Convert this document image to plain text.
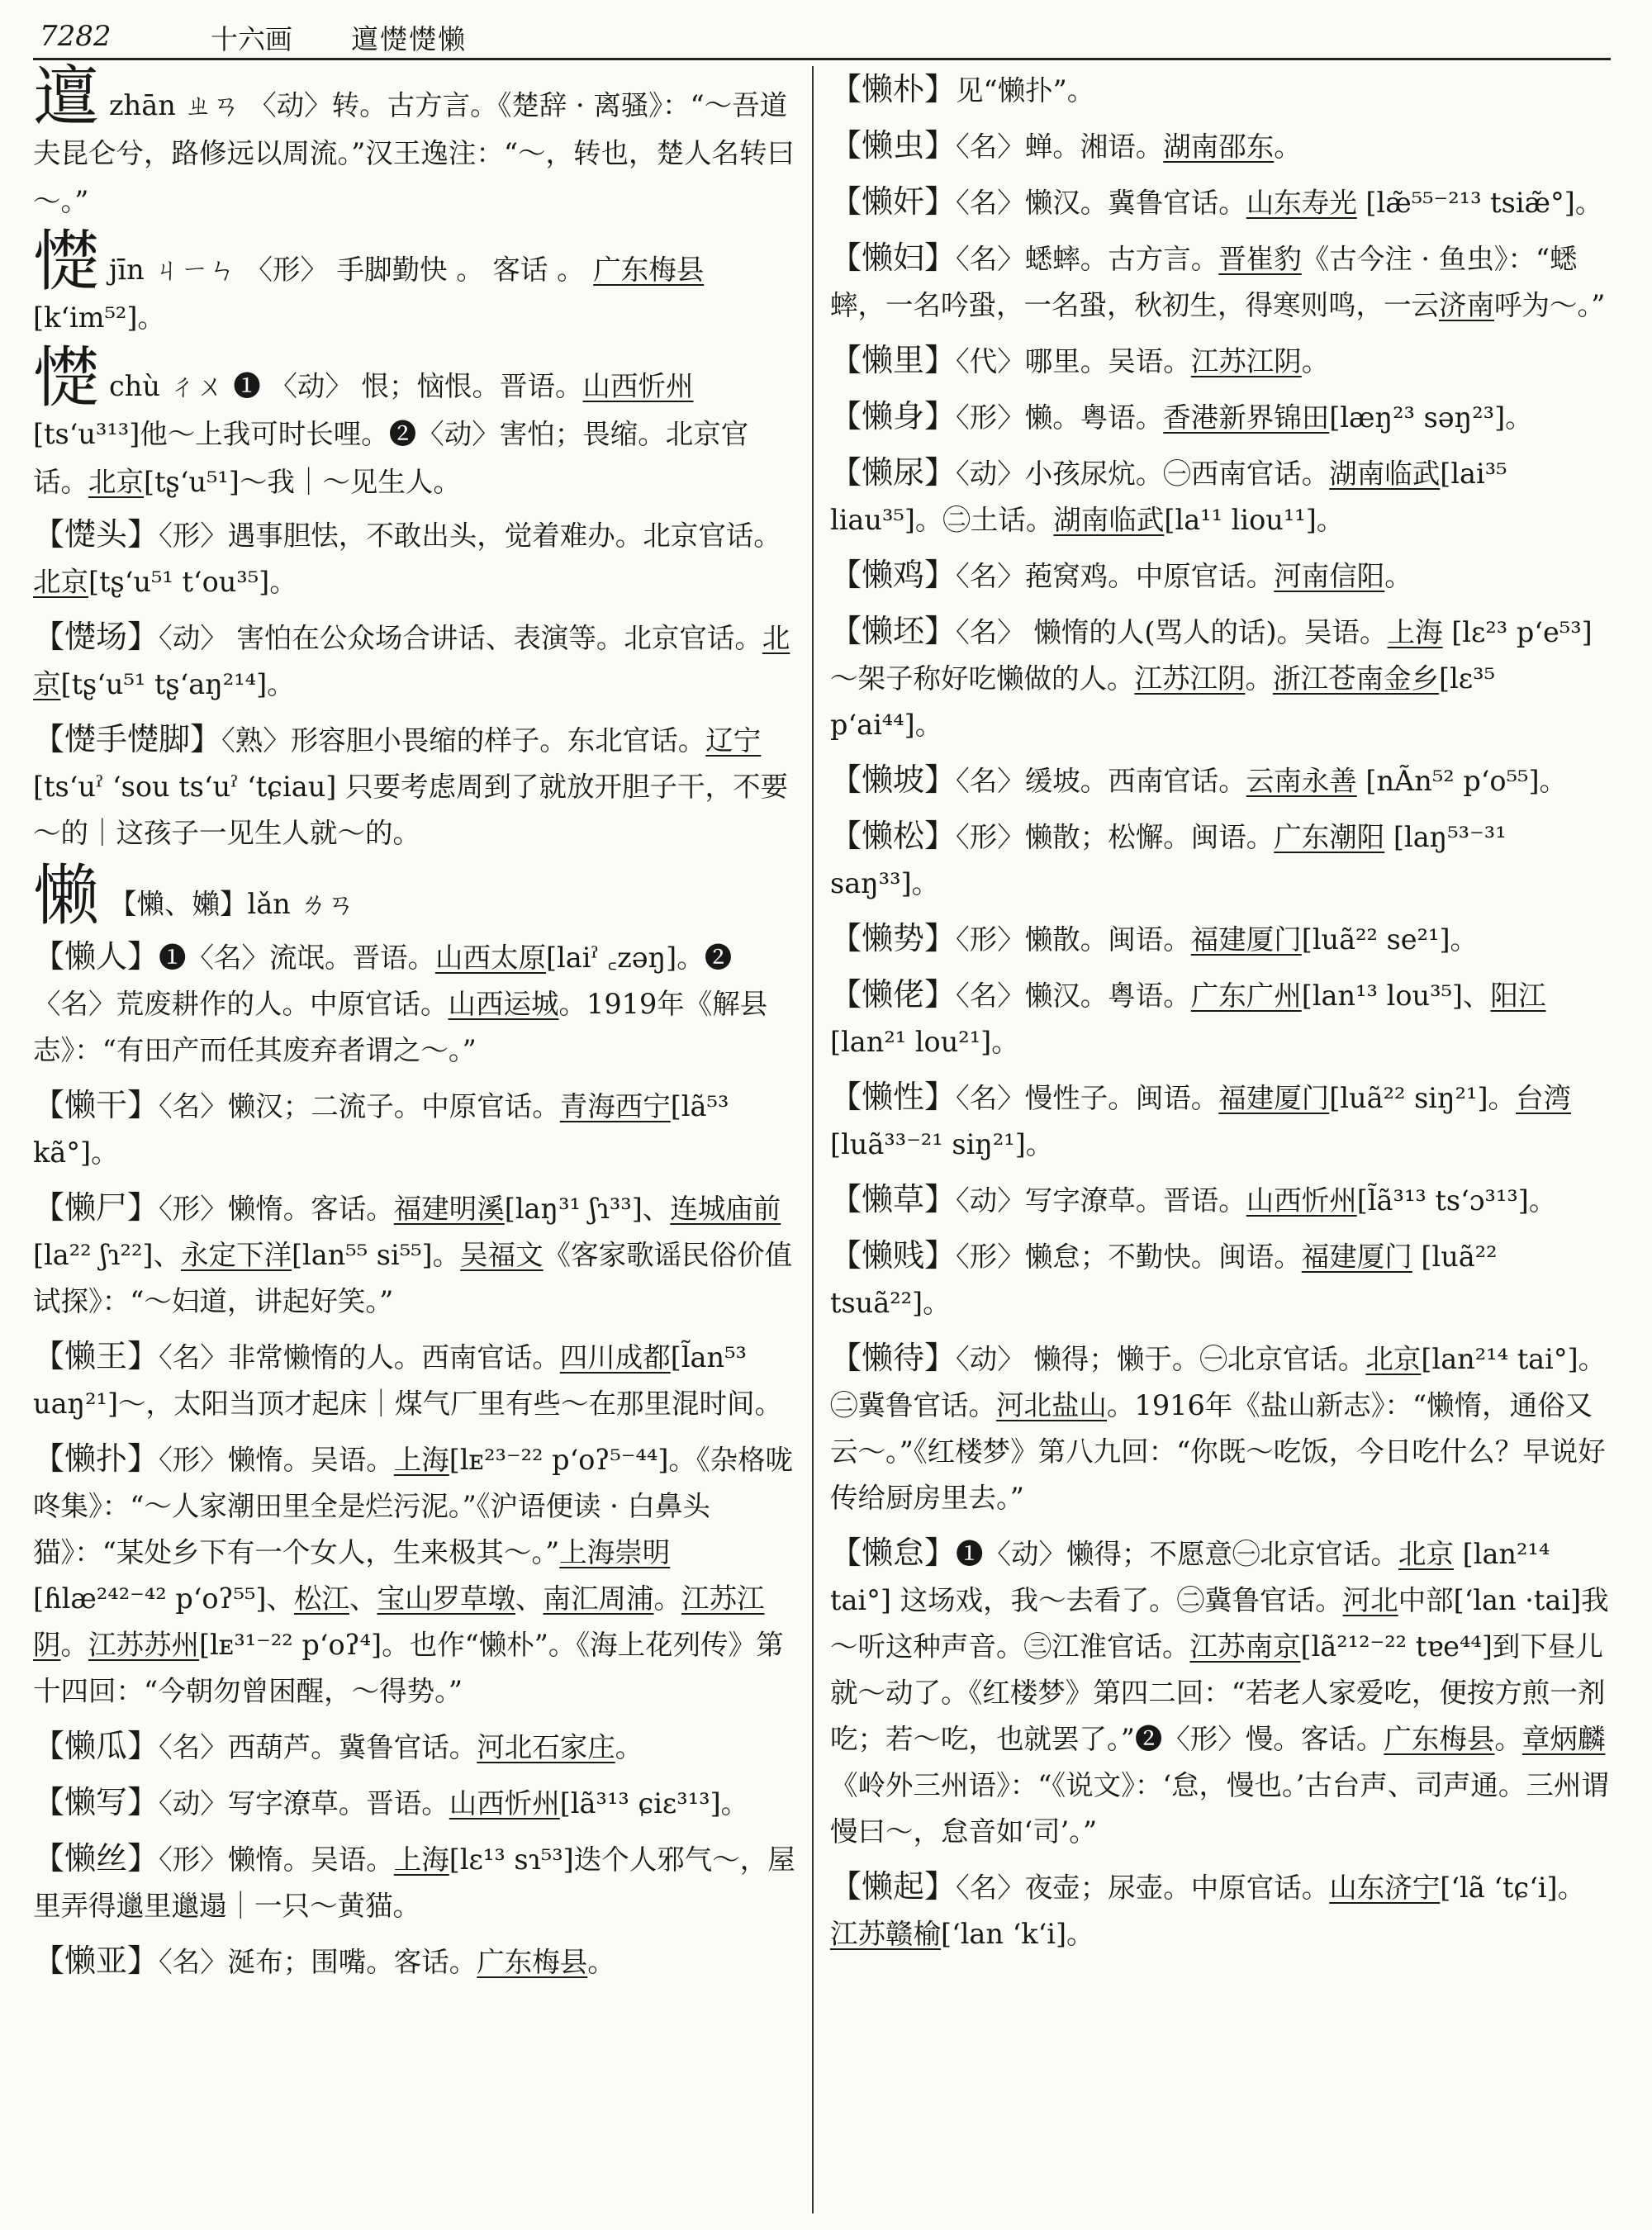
7282	十六画 邅憷憷懒
邅zhān ㄓㄢ 〈动〉转。古方言。《楚辞 · 离骚》：“～吾道夫昆仑兮，路修远以周流。”汉王逸注：“～，转也，楚人名转曰～。”
憷jīn ㄐㄧㄣ 〈形〉 手脚勤快 。 客话 。 广东梅县 [kʻim⁵²]。
憷chù ㄔㄨ ❶ 〈动〉 恨；恼恨。晋语。山西忻州[tsʻu³¹³]他～上我可时长哩。❷〈动〉害怕；畏缩。北京官话。北京[tʂʻu⁵¹]～我｜～见生人。
【憷头】〈形〉遇事胆怯，不敢出头，觉着难办。北京官话。北京[tʂʻu⁵¹ tʻou³⁵]。
【憷场】〈动〉 害怕在公众场合讲话、表演等。北京官话。北京[tʂʻu⁵¹ tʂʻaŋ²¹⁴]。
【憷手憷脚】〈熟〉形容胆小畏缩的样子。东北官话。辽宁 [tsʻuˀ ʻsou tsʻuˀ ʻtɕiau] 只要考虑周到了就放开胆子干，不要～的｜这孩子一见生人就～的。
懒 【懶、嬾】lǎn ㄌㄢ
【懒人】❶〈名〉流氓。晋语。山西太原[laiˀ ꜀zəŋ]。❷〈名〉荒废耕作的人。中原官话。山西运城。1919年《解县志》：“有田产而任其废弃者谓之～。”
【懒干】〈名〉懒汉；二流子。中原官话。青海西宁[lã⁵³ kã°]。
【懒尸】〈形〉懒惰。客话。福建明溪[laŋ³¹ ʃɿ³³]、连城庙前[la²² ʃɿ²²]、永定下洋[lan⁵⁵ si⁵⁵]。吴福文《客家歌谣民俗价值试探》：“～妇道，讲起好笑。”
【懒王】〈名〉非常懒惰的人。西南官话。四川成都[l̃an⁵³ uaŋ²¹]～，太阳当顶才起床｜煤气厂里有些～在那里混时间。
【懒扑】〈形〉懒惰。吴语。上海[lᴇ²³⁻²² pʻoʔ⁵⁻⁴⁴]。《杂格咙咚集》：“～人家潮田里全是烂污泥。”《沪语便读 · 白鼻头猫》：“某处乡下有一个女人，生来极其～。”上海崇明[ɦlæ²⁴²⁻⁴² pʻoʔ⁵⁵]、松江、宝山罗草墩、南汇周浦。江苏江阴。江苏苏州[lᴇ³¹⁻²² pʻoʔ⁴]。也作“懒朴”。《海上花列传》第十四回：“今朝勿曾困醒，～得势。”
【懒瓜】〈名〉西葫芦。冀鲁官话。河北石家庄。
【懒写】〈动〉写字潦草。晋语。山西忻州[lã³¹³ ɕiɛ³¹³]。
【懒丝】〈形〉懒惰。吴语。上海[lɛ¹³ sɿ⁵³]迭个人邪气～，屋里弄得邋里邋遢｜一只～黄猫。
【懒亚】〈名〉涎布；围嘴。客话。广东梅县。
【懒朴】见“懒扑”。
【懒虫】〈名〉蝉。湘语。湖南邵东。
【懒奸】〈名〉懒汉。冀鲁官话。山东寿光 [læ̃⁵⁵⁻²¹³ tsiæ̃°]。
【懒妇】〈名〉蟋蟀。古方言。晋崔豹《古今注 · 鱼虫》：“蟋蟀，一名吟蛩，一名蛩，秋初生，得寒则鸣，一云济南呼为～。”
【懒里】〈代〉哪里。吴语。江苏江阴。
【懒身】〈形〉懒。粤语。香港新界锦田[læŋ²³ səŋ²³]。
【懒尿】〈动〉小孩尿炕。㊀西南官话。湖南临武[lai³⁵ liau³⁵]。㊁土话。湖南临武[la¹¹ liou¹¹]。
【懒鸡】〈名〉菢窝鸡。中原官话。河南信阳。
【懒坯】〈名〉 懒惰的人(骂人的话)。吴语。上海 [lɛ²³ pʻe⁵³]～架子称好吃懒做的人。江苏江阴。浙江苍南金乡[lɛ³⁵ pʻai⁴⁴]。
【懒坡】〈名〉缓坡。西南官话。云南永善 [nÃn⁵² pʻo⁵⁵]。
【懒松】〈形〉懒散；松懈。闽语。广东潮阳 [laŋ⁵³⁻³¹ saŋ³³]。
【懒势】〈形〉懒散。闽语。福建厦门[luã²² se²¹]。
【懒佬】〈名〉懒汉。粤语。广东广州[lan¹³ lou³⁵]、阳江[lan²¹ lou²¹]。
【懒性】〈名〉慢性子。闽语。福建厦门[luã²² siŋ²¹]。台湾[luã³³⁻²¹ siŋ²¹]。
【懒草】〈动〉写字潦草。晋语。山西忻州[l̃ã³¹³ tsʻɔ³¹³]。
【懒贱】〈形〉懒怠；不勤快。闽语。福建厦门 [luã²² tsuã²²]。
【懒待】〈动〉 懒得；懒于。㊀北京官话。北京[lan²¹⁴ tai°]。㊁冀鲁官话。河北盐山。1916年《盐山新志》：“懒惰，通俗又云～。”《红楼梦》第八九回：“你既～吃饭，今日吃什么？早说好传给厨房里去。”
【懒怠】❶〈动〉懒得；不愿意㊀北京官话。北京 [lan²¹⁴ tai°] 这场戏，我～去看了。㊁冀鲁官话。河北中部[ʻlan ·tai]我～听这种声音。㊂江淮官话。江苏南京[lã²¹²⁻²² tɐe⁴⁴]到下昼儿就～动了。《红楼梦》第四二回：“若老人家爱吃，便按方煎一剂吃；若～吃，也就罢了。”❷〈形〉慢。客话。广东梅县。章炳麟《岭外三州语》：“《说文》：‘怠，慢也。’古台声、司声通。三州谓慢曰～，怠音如‘司’。”
【懒起】〈名〉夜壶；尿壶。中原官话。山东济宁[ʻlã ʻtɕʻi]。江苏赣榆[ʻlan ʻkʻi]。
